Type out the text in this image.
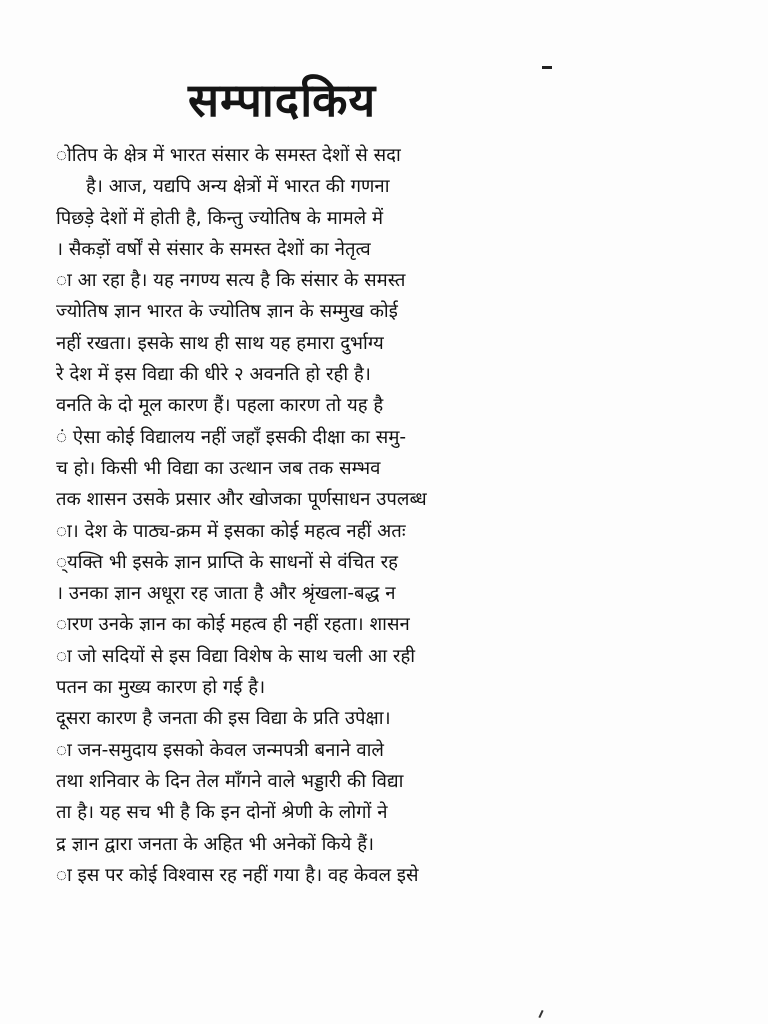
सम्पादकिय
ोतिप के क्षेत्र में भारत संसार के समस्त देशों से सदा
है। आज, यद्यपि अन्य क्षेत्रों में भारत की गणना
पिछड़े देशों में होती है, किन्तु ज्योतिष के मामले में
। सैकड़ों वर्षों से संसार के समस्त देशों का नेतृत्व
ा आ रहा है। यह नगण्य सत्य है कि संसार के समस्त
ज्योतिष ज्ञान भारत के ज्योतिष ज्ञान के सम्मुख कोई
नहीं रखता। इसके साथ ही साथ यह हमारा दुर्भाग्य
रे देश में इस विद्या की धीरे २ अवनति हो रही है।
वनति के दो मूल कारण हैं। पहला कारण तो यह है
ं ऐसा कोई विद्यालय नहीं जहाँ इसकी दीक्षा का समु-
च हो। किसी भी विद्या का उत्थान जब तक सम्भव
तक शासन उसके प्रसार और खोजका पूर्णसाधन उपलब्ध
ा। देश के पाठ्य-क्रम में इसका कोई महत्व नहीं अतः
्यक्ति भी इसके ज्ञान प्राप्ति के साधनों से वंचित रह
। उनका ज्ञान अधूरा रह जाता है और श्रृंखला-बद्ध न
ारण उनके ज्ञान का कोई महत्व ही नहीं रहता। शासन
ा जो सदियों से इस विद्या विशेष के साथ चली आ रही
पतन का मुख्य कारण हो गई है।
दूसरा कारण है जनता की इस विद्या के प्रति उपेक्षा।
ा जन-समुदाय इसको केवल जन्मपत्री बनाने वाले
तथा शनिवार के दिन तेल माँगने वाले भड्डारी की विद्या
ता है। यह सच भी है कि इन दोनों श्रेणी के लोगों ने
द्र ज्ञान द्वारा जनता के अहित भी अनेकों किये हैं।
ा इस पर कोई विश्वास रह नहीं गया है। वह केवल इसे
